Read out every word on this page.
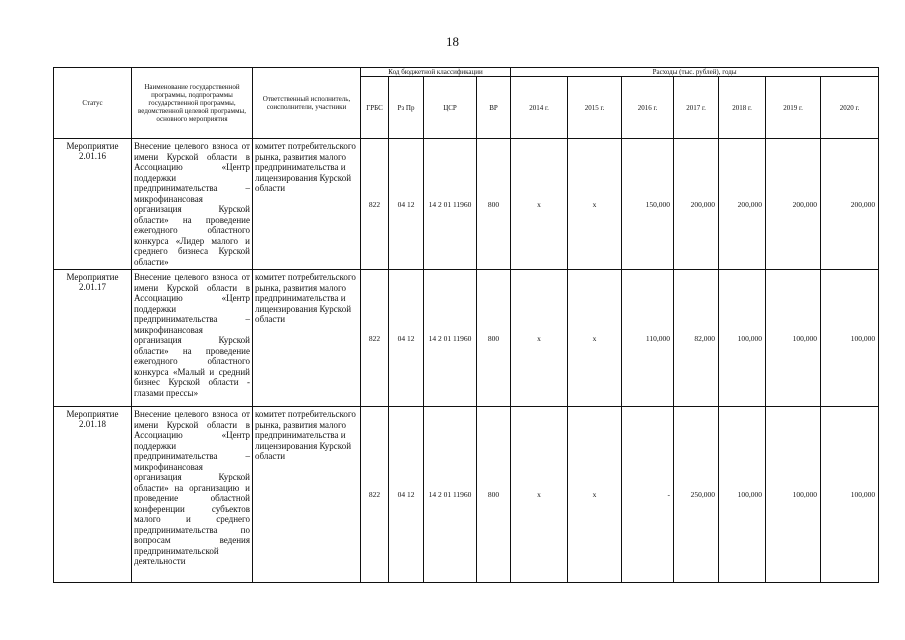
18
Статус	Наименование государственной программы, подпрограммы государственной программы, ведомственной целевой программы, основного мероприятия	Ответственный исполнитель, соисполнители, участники	Код бюджетной классификации				Расходы (тыс. рублей), годы						
			ГРБС	Рз Пр	ЦСР	ВР	2014 г.	2015 г.	2016 г.	2017 г.	2018 г.	2019 г.	2020 г.
Мероприятие 2.01.16	Внесение целевого взноса от имени Курской области в Ассоциацию «Центр поддержки предпринимательства – микрофинансовая организация Курской области» на проведение ежегодного областного конкурса «Лидер малого и среднего бизнеса Курской области»	комитет потребительского рынка, развития малого предпринимательства и лицензирования Курской области	822	04 12	14 2 01 11960	800	х	х	150,000	200,000	200,000	200,000	200,000
Мероприятие 2.01.17	Внесение целевого взноса от имени Курской области в Ассоциацию «Центр поддержки предпринимательства – микрофинансовая организация Курской области» на проведение ежегодного областного конкурса «Малый и средний бизнес Курской области - глазами прессы»	комитет потребительского рынка, развития малого предпринимательства и лицензирования Курской области	822	04 12	14 2 01 11960	800	х	х	110,000	82,000	100,000	100,000	100,000
Мероприятие 2.01.18	Внесение целевого взноса от имени Курской области в Ассоциацию «Центр поддержки предпринимательства – микрофинансовая организация Курской области» на организацию и проведение областной конференции субъектов малого и среднего предпринимательства по вопросам ведения предпринимательской деятельности	комитет потребительского рынка, развития малого предпринимательства и лицензирования Курской области	822	04 12	14 2 01 11960	800	х	х	-	250,000	100,000	100,000	100,000
